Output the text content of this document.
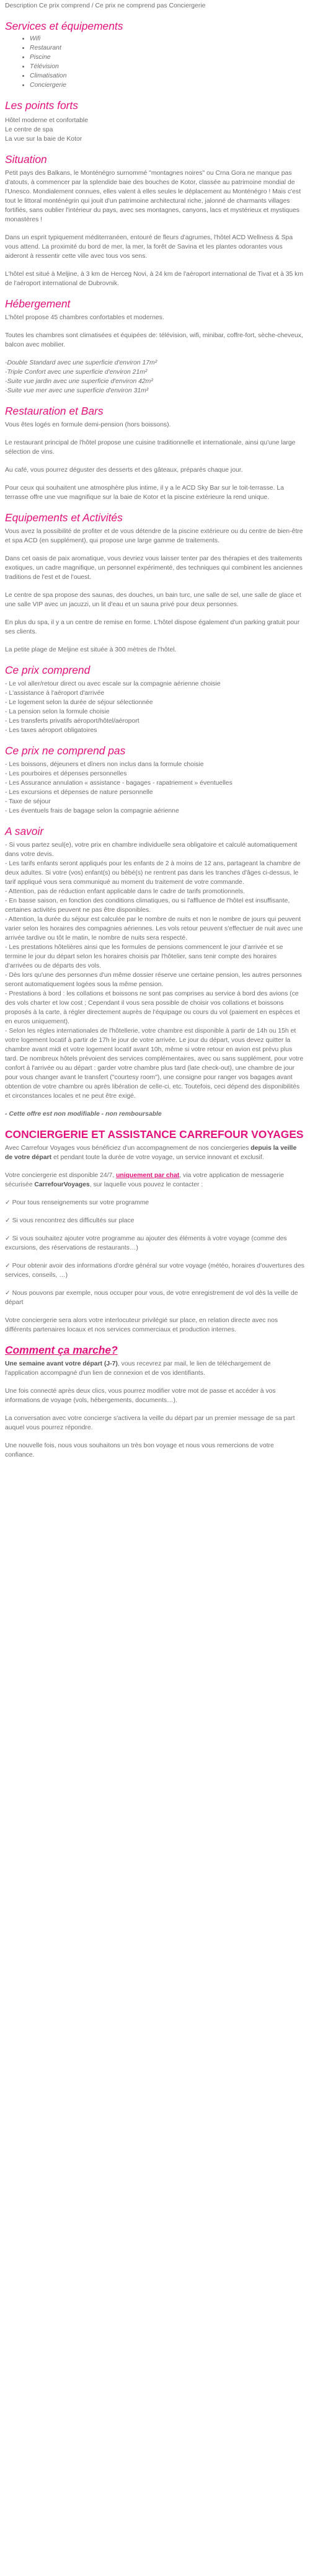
Description Ce prix comprend / Ce prix ne comprend pas Conciergerie
Services et équipements
• Wifi
• Restaurant
• Piscine
• Télévision
• Climatisation
• Conciergerie
Les points forts
Hôtel moderne et confortable
Le centre de spa
La vue sur la baie de Kotor
Situation

Petit pays des Balkans, le Monténégro surnommé "montagnes noires" ou Crna Gora ne manque pas d'atouts, à commencer par la splendide baie des bouches de Kotor, classée au patrimoine mondial de l'Unesco. Mondialement connues, elles valent à elles seules le déplacement au Monténégro ! Mais c'est tout le littoral monténégrin qui jouit d'un patrimoine architectural riche, jalonné de charmants villages fortifiés, sans oublier l'intérieur du pays, avec ses montagnes, canyons, lacs et mystérieux et mystiques monastères !

Dans un esprit typiquement méditerranéen, entouré de fleurs d'agrumes, l'hôtel ACD Wellness & Spa vous attend. La proximité du bord de mer, la mer, la forêt de Savina et les plantes odorantes vous aideront à ressentir cette ville avec tous vos sens.

L'hôtel est situé à Meljine, à 3 km de Herceg Novi, à 24 km de l'aéroport international de Tivat et à 35 km de l'aéroport international de Dubrovnik.

Hébergement

L'hôtel propose 45 chambres confortables et modernes.

Toutes les chambres sont climatisées et équipées de: télévision, wifi, minibar, coffre-fort, sèche-cheveux, balcon avec mobilier.

-Double Standard avec une superficie d'environ 17m²
-Triple Confort avec une superficie d'environ 21m²
-Suite vue jardin avec une superficie d'environ 42m²
-Suite vue mer avec une superficie d'environ 31m²
Restauration et Bars

Vous êtes logés en formule demi-pension (hors boissons).

Le restaurant principal de l'hôtel propose une cuisine traditionnelle et internationale, ainsi qu'une large sélection de vins.

Au café, vous pourrez déguster des desserts et des gâteaux, préparés chaque jour.

Pour ceux qui souhaitent une atmosphère plus intime, il y a le ACD Sky Bar sur le toit-terrasse. La terrasse offre une vue magnifique sur la baie de Kotor et la piscine extérieure la rend unique.

Equipements et Activités

Vous avez la possibilité de profiter et de vous détendre de la piscine extérieure ou du centre de bien-être et spa ACD (en supplément), qui propose une large gamme de traitements.

Dans cet oasis de paix aromatique, vous devriez vous laisser tenter par des thérapies et des traitements exotiques, un cadre magnifique, un personnel expérimenté, des techniques qui combinent les anciennes traditions de l'est et de l'ouest.

Le centre de spa propose des saunas, des douches, un bain turc, une salle de sel, une salle de glace et une salle VIP avec un jacuzzi, un lit d'eau et un sauna privé pour deux personnes.

En plus du spa, il y a un centre de remise en forme. L'hôtel dispose également d'un parking gratuit pour ses clients.

La petite plage de Meljine est située à 300 mètres de l'hôtel.

Ce prix comprend
- Le vol aller/retour direct ou avec escale sur la compagnie aérienne choisie
- L'assistance à l'aéroport d'arrivée
- Le logement selon la durée de séjour sélectionnée
- La pension selon la formule choisie
- Les transferts privatifs aéroport/hôtel/aéroport
- Les taxes aéroport obligatoires
Ce prix ne comprend pas
- Les boissons, déjeuners et dîners non inclus dans la formule choisie
- Les pourboires et dépenses personnelles
- Les Assurance annulation « assistance - bagages - rapatriement » éventuelles
- Les excursions et dépenses de nature personnelle
- Taxe de séjour
- Les éventuels frais de bagage selon la compagnie aérienne
A savoir

- Si vous partez seul(e), votre prix en chambre individuelle sera obligatoire et calculé automatiquement dans votre devis.

- Les tarifs enfants seront appliqués pour les enfants de 2 à moins de 12 ans, partageant la chambre de deux adultes. Si votre (vos) enfant(s) ou bébé(s) ne rentrent pas dans les tranches d'âges ci-dessus, le tarif appliqué vous sera communiqué au moment du traitement de votre commande.

- Attention, pas de réduction enfant applicable dans le cadre de tarifs promotionnels.

- En basse saison, en fonction des conditions climatiques, ou si l'affluence de l'hôtel est insuffisante, certaines activités peuvent ne pas être disponibles.

- Attention, la durée du séjour est calculée par le nombre de nuits et non le nombre de jours qui peuvent varier selon les horaires des compagnies aériennes. Les vols retour peuvent s'effectuer de nuit avec une arrivée tardive ou tôt le matin, le nombre de nuits sera respecté.

- Les prestations hôtelières ainsi que les formules de pensions commencent le jour d'arrivée et se termine le jour du départ selon les horaires choisis par l'hôtelier, sans tenir compte des horaires d'arrivées ou de départs des vols.

- Dès lors qu'une des personnes d'un même dossier réserve une certaine pension, les autres personnes seront automatiquement logées sous la même pension.

- Prestations à bord : les collations et boissons ne sont pas comprises au service à bord des avions (ce des vols charter et low cost ; Cependant il vous sera possible de choisir vos collations et boissons proposés à la carte, à régler directement auprès de l'équipage ou cours du vol (paiement en espèces et en euros uniquement).

- Selon les règles internationales de l'hôtellerie, votre chambre est disponible à partir de 14h ou 15h et votre logement locatif à partir de 17h le jour de votre arrivée. Le jour du départ, vous devez quitter la chambre avant midi et votre logement locatif avant 10h, même si votre retour en avion est prévu plus tard. De nombreux hôtels prévoient des services complémentaires, avec ou sans supplément, pour votre confort à l'arrivée ou au départ : garder votre chambre plus tard (late check-out), une chambre de jour pour vous changer avant le transfert ("courtesy room"), une consigne pour ranger vos bagages avant obtention de votre chambre ou après libération de celle-ci, etc. Toutefois, ceci dépend des disponibilités et circonstances locales et ne peut être exigé.

- Cette offre est non modifiable - non remboursable

CONCIERGERIE ET ASSISTANCE CARREFOUR VOYAGES

Avec Carrefour Voyages vous bénéficiez d'un accompagnement de nos conciergeries depuis la veille de votre départ et pendant toute la durée de votre voyage, un service innovant et exclusif.

Votre conciergerie est disponible 24/7, uniquement par chat, via votre application de messagerie sécurisée CarrefourVoyages, sur laquelle vous pouvez le contacter :

✓ Pour tous renseignements sur votre programme

✓ Si vous rencontrez des difficultés sur place

✓ Si vous souhaitez ajouter votre programme au ajouter des éléments à votre voyage (comme des excursions, des réservations de restaurants…)

✓ Pour obtenir avoir des informations d'ordre général sur votre voyage (météo, horaires d'ouvertures des services, conseils, …)

✓ Nous pouvons par exemple, nous occuper pour vous, de votre enregistrement de vol dès la veille de départ

Votre conciergerie sera alors votre interlocuteur privilégié sur place, en relation directe avec nos différents partenaires locaux et nos services commerciaux et production internes.

Comment ça marche?

Une semaine avant votre départ (J-7), vous recevrez par mail, le lien de téléchargement de l'application accompagné d'un lien de connexion et de vos identifiants.

Une fois connecté après deux clics, vous pourrez modifier votre mot de passe et accéder à vos informations de voyage (vols, hébergements, documents…).

La conversation avec votre concierge s'activera la veille du départ par un premier message de sa part auquel vous pourrez répondre.

Une nouvelle fois, nous vous souhaitons un très bon voyage et nous vous remercions de votre confiance.
